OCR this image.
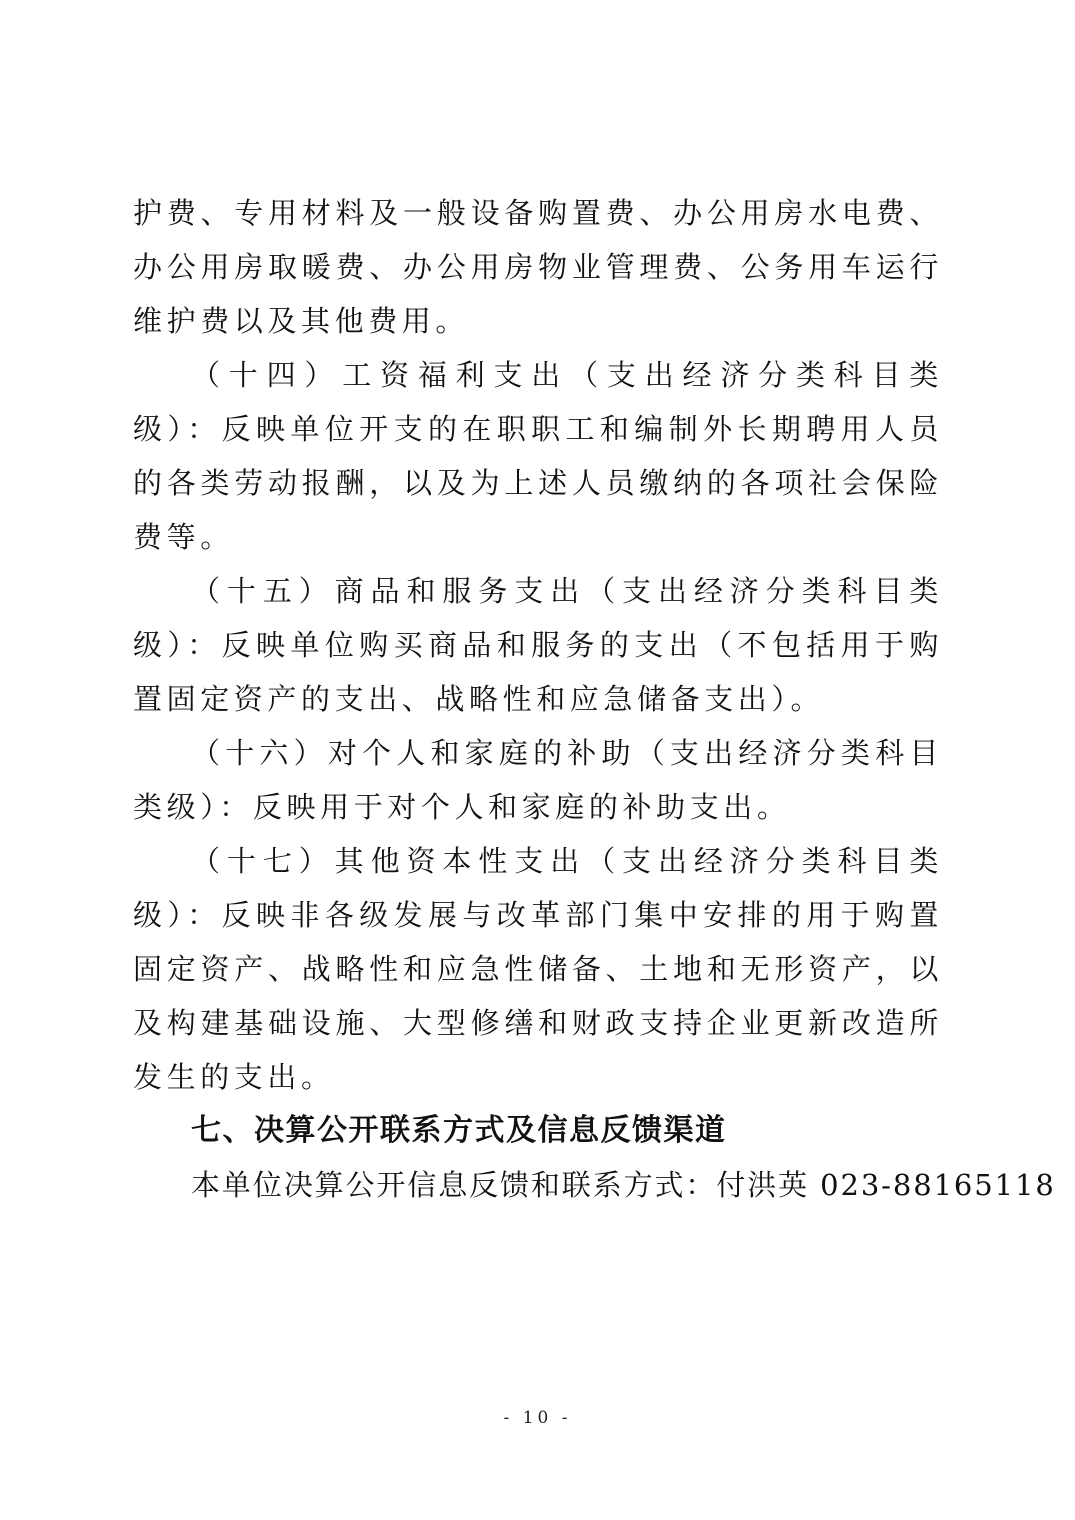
护费、专用材料及一般设备购置费、办公用房水电费、办公用房取暖费、办公用房物业管理费、公务用车运行维护费以及其他费用。

（十四）工资福利支出（支出经济分类科目类级）：反映单位开支的在职职工和编制外长期聘用人员的各类劳动报酬，以及为上述人员缴纳的各项社会保险费等。

（十五）商品和服务支出（支出经济分类科目类级）：反映单位购买商品和服务的支出（不包括用于购置固定资产的支出、战略性和应急储备支出）。

（十六）对个人和家庭的补助（支出经济分类科目类级）：反映用于对个人和家庭的补助支出。

（十七）其他资本性支出（支出经济分类科目类级）：反映非各级发展与改革部门集中安排的用于购置固定资产、战略性和应急性储备、土地和无形资产，以及构建基础设施、大型修缮和财政支持企业更新改造所发生的支出。

七、决算公开联系方式及信息反馈渠道

本单位决算公开信息反馈和联系方式：付洪英 023-88165118

- 10 -
